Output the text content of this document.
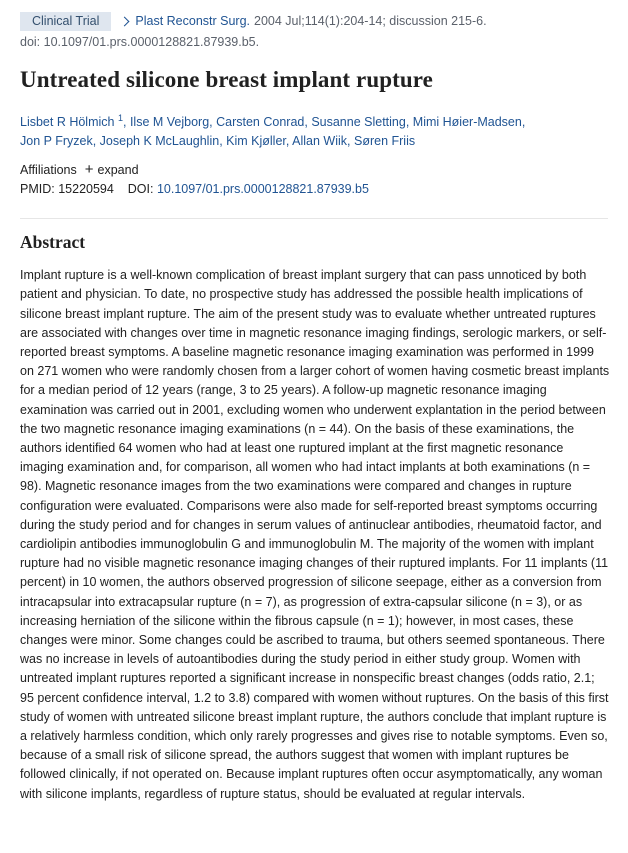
Clinical Trial	Plast Reconstr Surg. 2004 Jul;114(1):204-14; discussion 215-6.
doi: 10.1097/01.prs.0000128821.87939.b5.
Untreated silicone breast implant rupture
Lisbet R Hölmich $^1$, Ilse M Vejborg, Carsten Conrad, Susanne Sletting, Mimi Høier-Madsen,
Jon P Fryzek, Joseph K McLaughlin, Kim Kjøller, Allan Wiik, Søren Friis
Affiliations + expand
PMID: 15220594 DOI: 10.1097/01.prs.0000128821.87939.b5
Abstract
Implant rupture is a well-known complication of breast implant surgery that can pass unnoticed by both patient and physician. To date, no prospective study has addressed the possible health implications of silicone breast implant rupture. The aim of the present study was to evaluate whether untreated ruptures are associated with changes over time in magnetic resonance imaging findings, serologic markers, or self-reported breast symptoms. A baseline magnetic resonance imaging examination was performed in 1999 on 271 women who were randomly chosen from a larger cohort of women having cosmetic breast implants for a median period of 12 years (range, 3 to 25 years). A follow-up magnetic resonance imaging examination was carried out in 2001, excluding women who underwent explantation in the period between the two magnetic resonance imaging examinations (n = 44). On the basis of these examinations, the authors identified 64 women who had at least one ruptured implant at the first magnetic resonance imaging examination and, for comparison, all women who had intact implants at both examinations (n = 98). Magnetic resonance images from the two examinations were compared and changes in rupture configuration were evaluated. Comparisons were also made for self-reported breast symptoms occurring during the study period and for changes in serum values of antinuclear antibodies, rheumatoid factor, and cardiolipin antibodies immunoglobulin G and immunoglobulin M. The majority of the women with implant rupture had no visible magnetic resonance imaging changes of their ruptured implants. For 11 implants (11 percent) in 10 women, the authors observed progression of silicone seepage, either as a conversion from intracapsular into extracapsular rupture (n = 7), as progression of extra-capsular silicone (n = 3), or as increasing herniation of the silicone within the fibrous capsule (n = 1); however, in most cases, these changes were minor. Some changes could be ascribed to trauma, but others seemed spontaneous. There was no increase in levels of autoantibodies during the study period in either study group. Women with untreated implant ruptures reported a significant increase in nonspecific breast changes (odds ratio, 2.1; 95 percent confidence interval, 1.2 to 3.8) compared with women without ruptures. On the basis of this first study of women with untreated silicone breast implant rupture, the authors conclude that implant rupture is a relatively harmless condition, which only rarely progresses and gives rise to notable symptoms. Even so, because of a small risk of silicone spread, the authors suggest that women with implant ruptures be followed clinically, if not operated on. Because implant ruptures often occur asymptomatically, any woman with silicone implants, regardless of rupture status, should be evaluated at regular intervals.
